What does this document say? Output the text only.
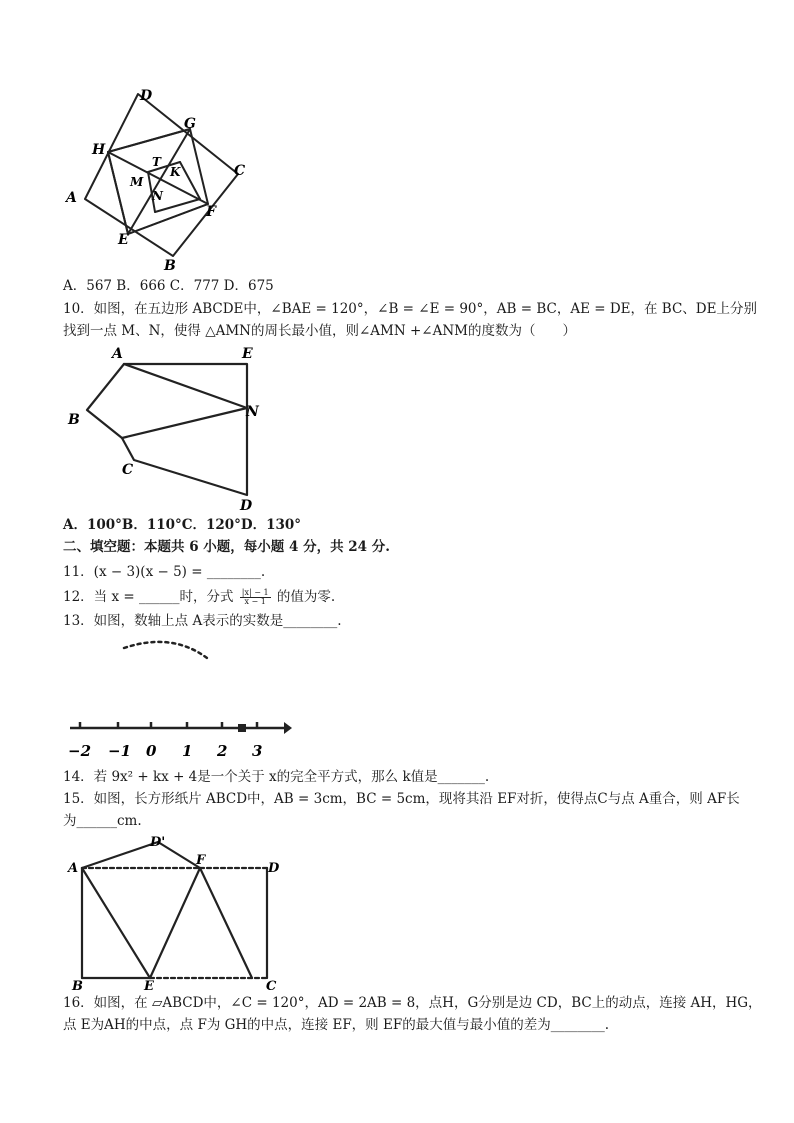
D
G
H
C
T
K
M
N
A
F
E
B
A．567 B．666 C．777 D．675
10．如图，在五边形 ABCDE中，∠BAE = 120°，∠B = ∠E = 90°，AB = BC，AE = DE，在 BC、DE上分别
找到一点 M、N，使得 △AMN的周长最小值，则∠AMN +∠ANM的度数为（　　）
A	E
B	N
C
D
A．100°B．110°C．120°D．130°
二、填空题：本题共 6 小题，每小题 4 分，共 24 分.
11．(x − 3)(x − 5) = ________.
12．当 x = ______时，分式 $\frac{|x| - 1}{x - 1}$ 的值为零.
13．如图，数轴上点 A表示的实数是________.
−2 −1 0 1 2 3
14．若 9x² + kx + 4是一个关于 x的完全平方式，那么 k值是_______.
15．如图，长方形纸片 ABCD中，AB = 3cm，BC = 5cm，现将其沿 EF对折，使得点C与点 A重合，则 AF长
为______cm.
D'
A
F
D
B	E	C
16．如图，在 ▱ABCD中，∠C = 120°，AD = 2AB = 8，点H，G分别是边 CD，BC上的动点，连接 AH，HG，
点 E为AH的中点，点 F为 GH的中点，连接 EF，则 EF的最大值与最小值的差为________.
